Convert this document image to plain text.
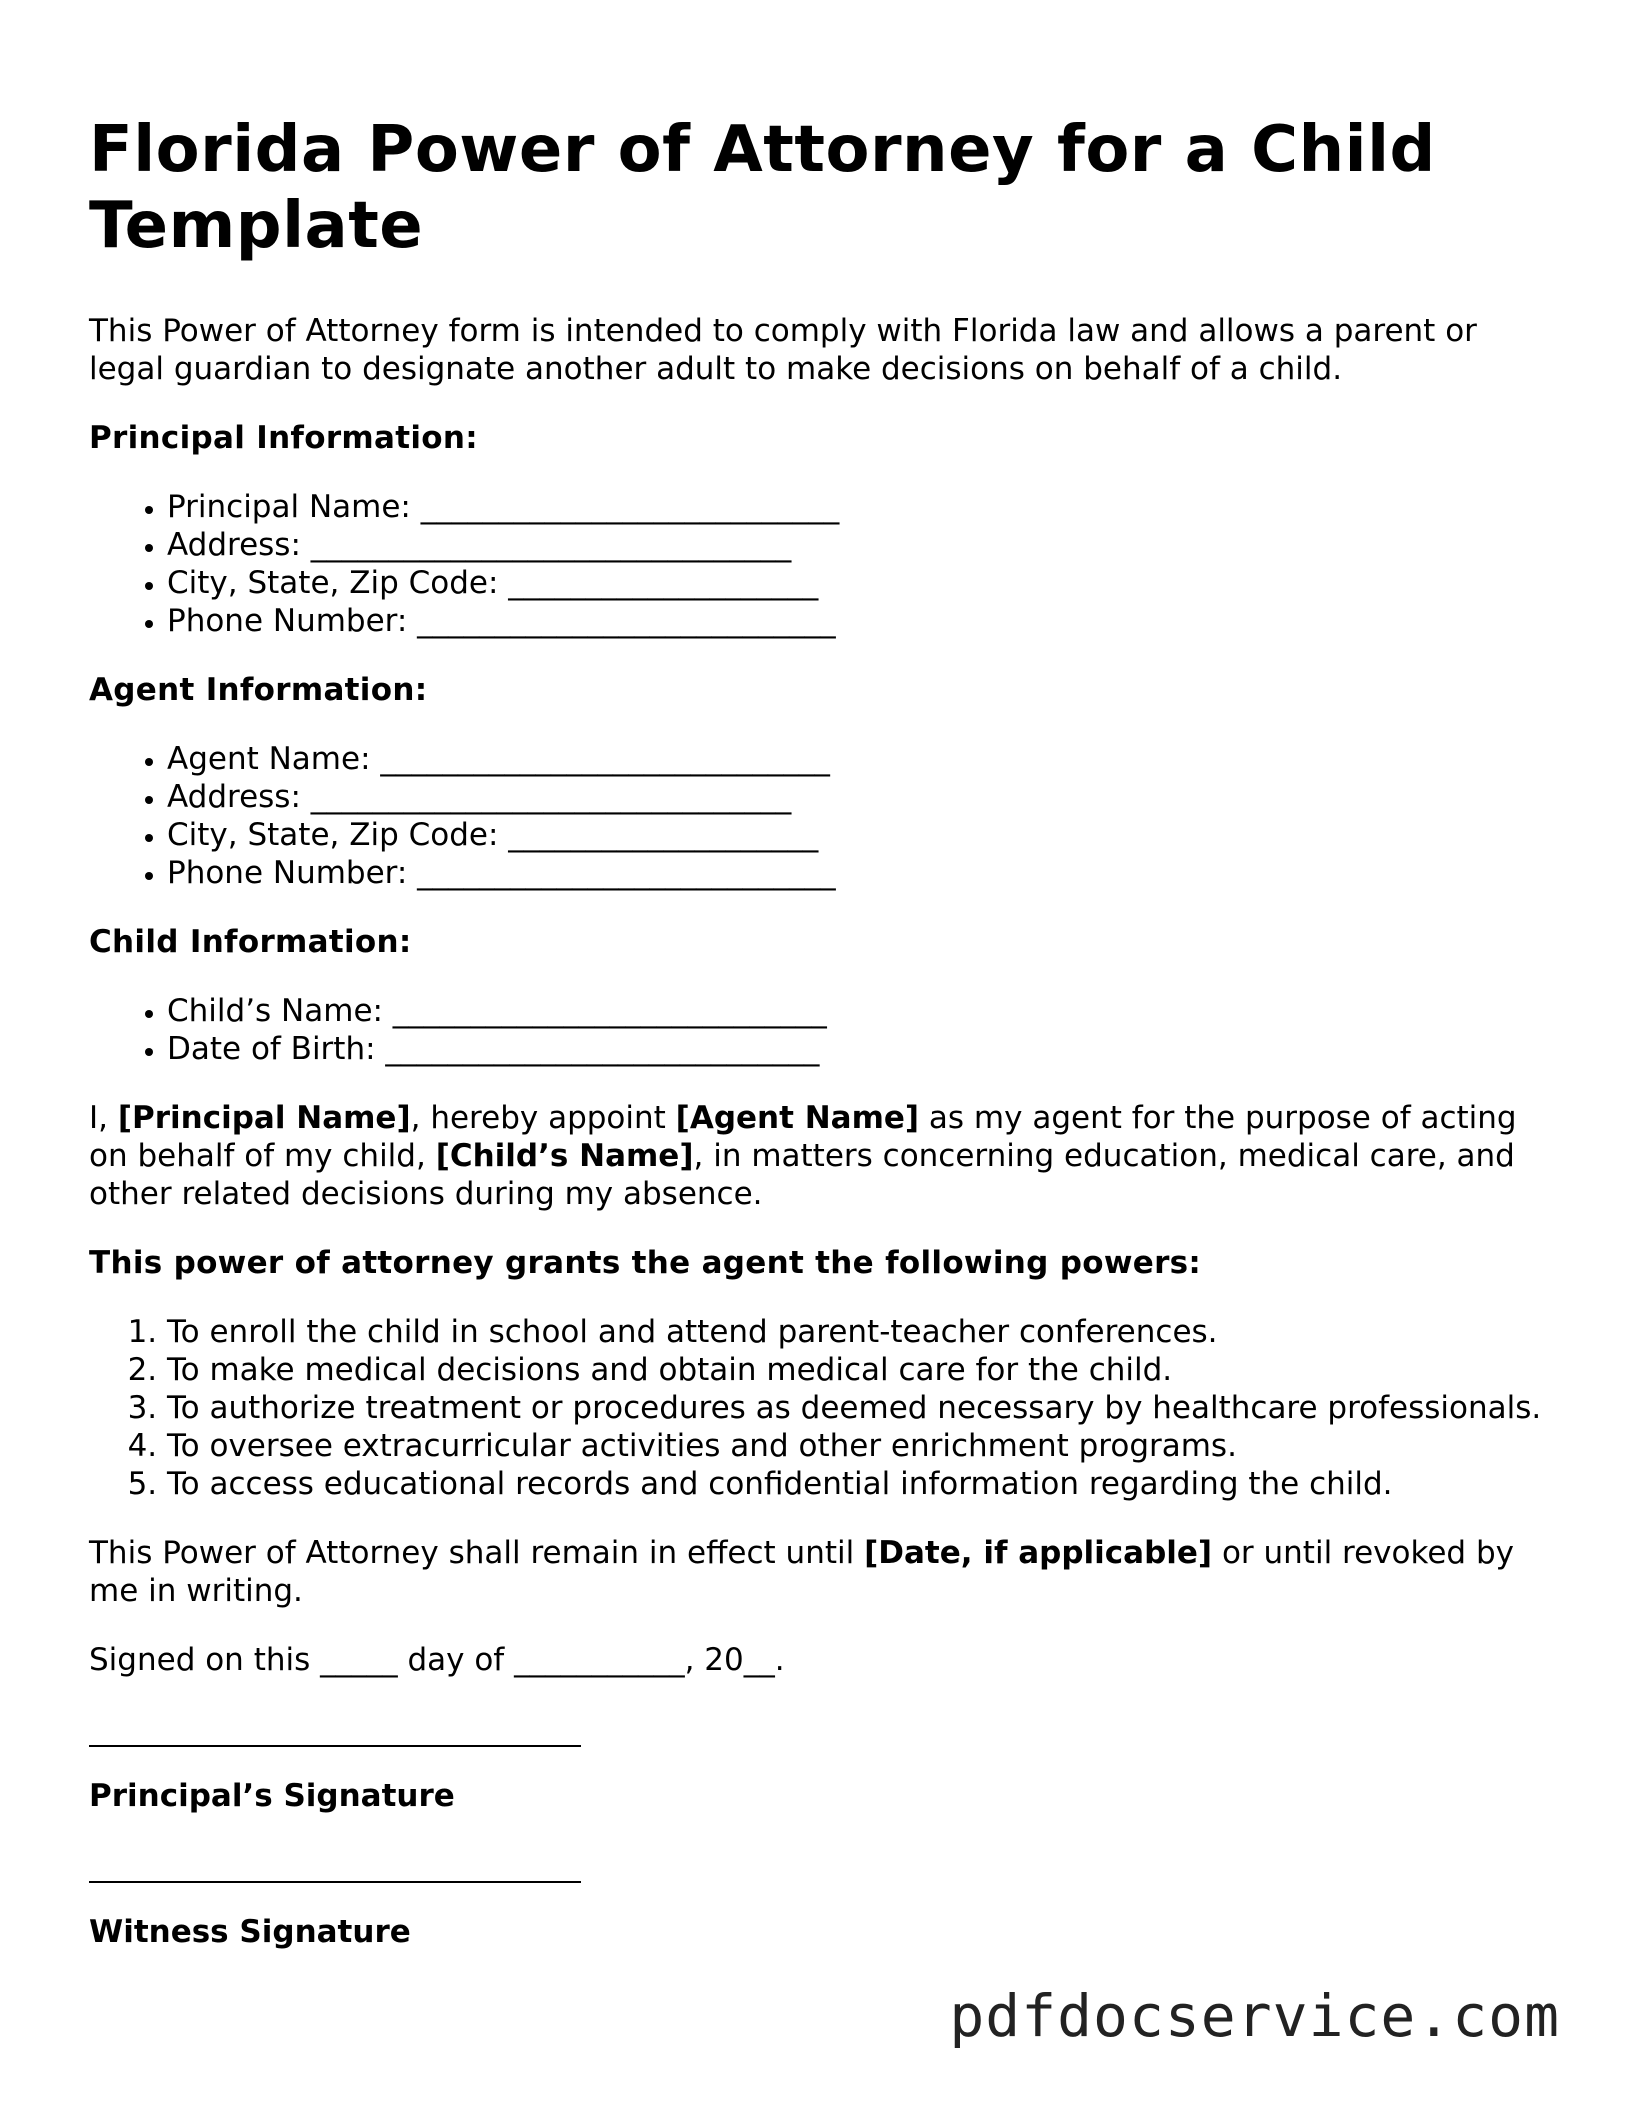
Florida Power of Attorney for a Child Template

This Power of Attorney form is intended to comply with Florida law and allows a parent or legal guardian to designate another adult to make decisions on behalf of a child.

Principal Information:
• Principal Name: ___________________________
• Address: _______________________________
• City, State, Zip Code: ____________________
• Phone Number: ___________________________
Agent Information:
• Agent Name: _____________________________
• Address: _______________________________
• City, State, Zip Code: ____________________
• Phone Number: ___________________________
Child Information:
• Child’s Name: ____________________________
• Date of Birth: ____________________________

I, [Principal Name], hereby appoint [Agent Name] as my agent for the purpose of acting on behalf of my child, [Child’s Name], in matters concerning education, medical care, and other related decisions during my absence.

This power of attorney grants the agent the following powers:
1. To enroll the child in school and attend parent-teacher conferences.
2. To make medical decisions and obtain medical care for the child.
3. To authorize treatment or procedures as deemed necessary by healthcare professionals.
4. To oversee extracurricular activities and other enrichment programs.
5. To access educational records and confidential information regarding the child.

This Power of Attorney shall remain in effect until [Date, if applicable] or until revoked by me in writing.

Signed on this _____ day of ___________, 20__.

Principal’s Signature
Witness Signature
pdfdocservice.com
